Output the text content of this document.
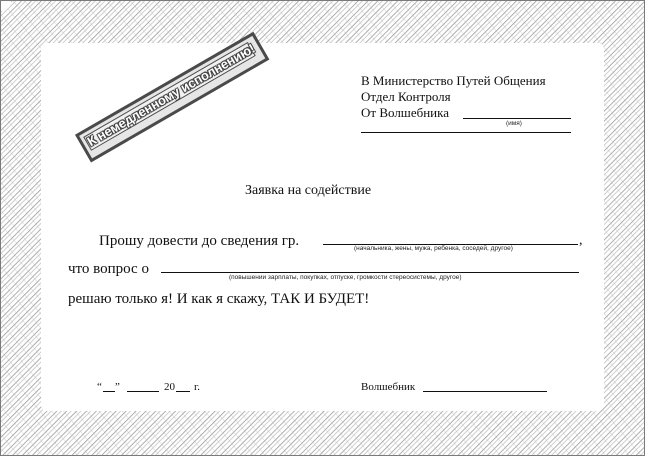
В Министерство Путей Общения
Отдел Контроля
От Волшебника
(имя)
К немедленному исполнению!
Заявка на содействие
Прошу довести до сведения гр.	,
(начальника, жены, мужа, ребенка, соседей, другое)
что вопрос о
(повышении зарплаты, покупках, отпуске, громкости стереосистемы, другое)
решаю только я! И как я скажу, ТАК И БУДЕТ!
“ ”	20 г.	Волшебник
